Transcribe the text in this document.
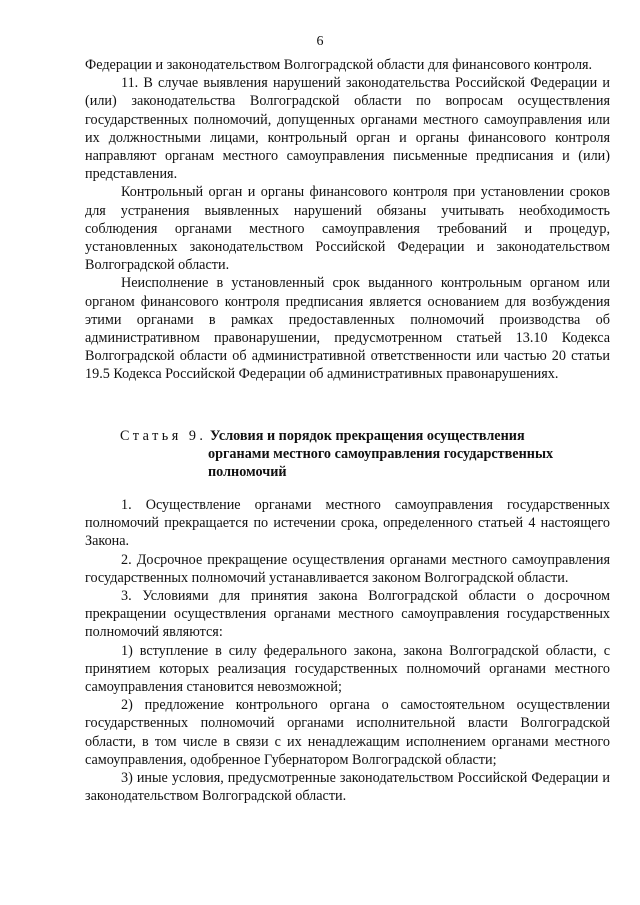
6

Федерации и законодательством Волгоградской области для финансового контроля.

11. В случае выявления нарушений законодательства Российской Федерации и (или) законодательства Волгоградской области по вопросам осуществления государственных полномочий, допущенных органами местного самоуправления или их должностными лицами, контрольный орган и органы финансового контроля направляют органам местного самоуправления письменные предписания и (или) представления.

Контрольный орган и органы финансового контроля при установлении сроков для устранения выявленных нарушений обязаны учитывать необходимость соблюдения органами местного самоуправления требований и процедур, установленных законодательством Российской Федерации и законодательством Волгоградской области.

Неисполнение в установленный срок выданного контрольным органом или органом финансового контроля предписания является основанием для возбуждения этими органами в рамках предоставленных полномочий производства об административном правонарушении, предусмотренном статьей 13.10 Кодекса Волгоградской области об административной ответственности или частью 20 статьи 19.5 Кодекса Российской Федерации об административных правонарушениях.

Статья 9. Условия и порядок прекращения осуществления
органами местного самоуправления государственных
полномочий

1. Осуществление органами местного самоуправления государственных полномочий прекращается по истечении срока, определенного статьей 4 настоящего Закона.

2. Досрочное прекращение осуществления органами местного самоуправления государственных полномочий устанавливается законом Волгоградской области.

3. Условиями для принятия закона Волгоградской области о досрочном прекращении осуществления органами местного самоуправления государственных полномочий являются:

1) вступление в силу федерального закона, закона Волгоградской области, с принятием которых реализация государственных полномочий органами местного самоуправления становится невозможной;

2) предложение контрольного органа о самостоятельном осуществлении государственных полномочий органами исполнительной власти Волгоградской области, в том числе в связи с их ненадлежащим исполнением органами местного самоуправления, одобренное Губернатором Волгоградской области;

3) иные условия, предусмотренные законодательством Российской Федерации и законодательством Волгоградской области.
